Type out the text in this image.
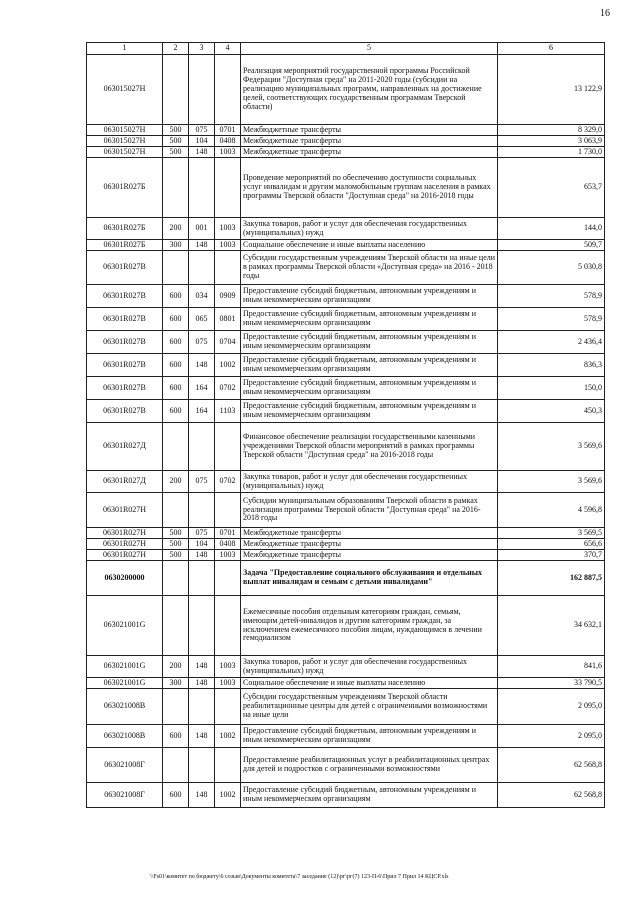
16
1	2	3	4	5	6
063015027Н				Реализация мероприятий государственной программы Российской Федерации "Доступная среда" на 2011-2020 годы (субсидии на реализацию муниципальных программ, направленных на достижение целей, соответствующих государственным программам Тверской области)	13 122,9
063015027Н	500	075	0701	Межбюджетные трансферты	8 329,0
063015027Н	500	104	0408	Межбюджетные трансферты	3 063,9
063015027Н	500	148	1003	Межбюджетные трансферты	1 730,0
06301R027Б				Проведение мероприятий по обеспечению доступности социальных услуг инвалидам и другим маломобильным группам населения в рамках программы Тверской области "Доступная среда" на 2016-2018 годы	653,7
06301R027Б	200	001	1003	Закупка товаров, работ и услуг для обеспечения государственных (муниципальных) нужд	144,0
06301R027Б	300	148	1003	Социальное обеспечение и иные выплаты населению	509,7
06301R027В				Субсидии государственным учреждениям Тверской области на иные цели в рамках программы Тверской области «Доступная среда» на 2016 - 2018 годы	5 030,8
06301R027В	600	034	0909	Предоставление субсидий бюджетным, автономным учреждениям и иным некоммерческим организациям	578,9
06301R027В	600	065	0801	Предоставление субсидий бюджетным, автономным учреждениям и иным некоммерческим организациям	578,9
06301R027В	600	075	0704	Предоставление субсидий бюджетным, автономным учреждениям и иным некоммерческим организациям	2 436,4
06301R027В	600	148	1002	Предоставление субсидий бюджетным, автономным учреждениям и иным некоммерческим организациям	836,3
06301R027В	600	164	0702	Предоставление субсидий бюджетным, автономным учреждениям и иным некоммерческим организациям	150,0
06301R027В	600	164	1103	Предоставление субсидий бюджетным, автономным учреждениям и иным некоммерческим организациям	450,3
06301R027Д				Финансовое обеспечение реализации государственными казенными учреждениями Тверской области мероприятий в рамках программы Тверской области "Доступная среда" на 2016-2018 годы	3 569,6
06301R027Д	200	075	0702	Закупка товаров, работ и услуг для обеспечения государственных (муниципальных) нужд	3 569,6
06301R027Н				Субсидии муниципальным образованиям Тверской области в рамках реализации программы Тверской области "Доступная среда" на 2016-2018 годы	4 596,8
06301R027Н	500	075	0701	Межбюджетные трансферты	3 569,5
06301R027Н	500	104	0408	Межбюджетные трансферты	656,6
06301R027Н	500	148	1003	Межбюджетные трансферты	370,7
0630200000				Задача "Предоставление социального обслуживания и отдельных выплат инвалидам и семьям с детьми инвалидами"	162 887,5
063021001G				Ежемесячные пособия отдельным категориям граждан, семьям, имеющим детей-инвалидов и другим категориям граждан, за исключением ежемесячного пособия лицам, нуждающимся в лечении гемодиализом	34 632,1
063021001G	200	148	1003	Закупка товаров, работ и услуг для обеспечения государственных (муниципальных) нужд	841,6
063021001G	300	148	1003	Социальное обеспечение и иные выплаты населению	33 790,5
063021008В				Субсидии государственным учреждениям Тверской области реабилитационные центры для детей с ограниченными возможностями на иные цели	2 095,0
063021008В	600	148	1002	Предоставление субсидий бюджетным, автономным учреждениям и иным некоммерческим организациям	2 095,0
063021008Г				Предоставление реабилитационных услуг в реабилитационных центрах для детей и подростков с ограниченными возможностями	62 568,8
063021008Г	600	148	1002	Предоставление субсидий бюджетным, автономным учреждениям и иным некоммерческим организациям	62 568,8
\\Fs01\комитет по бюджету\6 созыв\Документы комитета\7 заседание (12)\рг\рг(7) 123-П-6\Прил 7 Прил 14 КЦСР.xls
